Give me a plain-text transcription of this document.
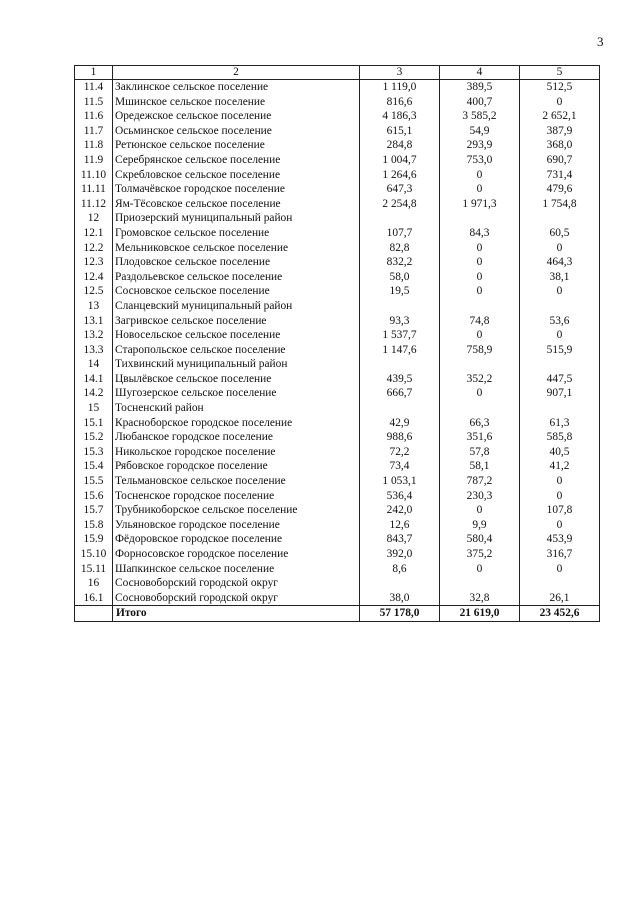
3
1	2	3	4	5
11.4	Заклинское сельское поселение	1 119,0	389,5	512,5
11.5	Мшинское сельское поселение	816,6	400,7	0
11.6	Оредежское сельское поселение	4 186,3	3 585,2	2 652,1
11.7	Осьминское сельское поселение	615,1	54,9	387,9
11.8	Ретюнское сельское поселение	284,8	293,9	368,0
11.9	Серебрянское сельское поселение	1 004,7	753,0	690,7
11.10	Скребловское сельское поселение	1 264,6	0	731,4
11.11	Толмачёвское городское поселение	647,3	0	479,6
11.12	Ям-Тёсовское сельское поселение	2 254,8	1 971,3	1 754,8
12	Приозерский муниципальный район			
12.1	Громовское сельское поселение	107,7	84,3	60,5
12.2	Мельниковское сельское поселение	82,8	0	0
12.3	Плодовское сельское поселение	832,2	0	464,3
12.4	Раздольевское сельское поселение	58,0	0	38,1
12.5	Сосновское сельское поселение	19,5	0	0
13	Сланцевский муниципальный район			
13.1	Загривское сельское поселение	93,3	74,8	53,6
13.2	Новосельское сельское поселение	1 537,7	0	0
13.3	Старопольское сельское поселение	1 147,6	758,9	515,9
14	Тихвинский муниципальный район			
14.1	Цвылёвское сельское поселение	439,5	352,2	447,5
14.2	Шугозерское сельское поселение	666,7	0	907,1
15	Тосненский район			
15.1	Красноборское городское поселение	42,9	66,3	61,3
15.2	Любанское городское поселение	988,6	351,6	585,8
15.3	Никольское городское поселение	72,2	57,8	40,5
15.4	Рябовское городское поселение	73,4	58,1	41,2
15.5	Тельмановское сельское поселение	1 053,1	787,2	0
15.6	Тосненское городское поселение	536,4	230,3	0
15.7	Трубникоборское сельское поселение	242,0	0	107,8
15.8	Ульяновское городское поселение	12,6	9,9	0
15.9	Фёдоровское городское поселение	843,7	580,4	453,9
15.10	Форносовское городское поселение	392,0	375,2	316,7
15.11	Шапкинское сельское поселение	8,6	0	0
16	Сосновоборский городской округ			
16.1	Сосновоборский городской округ	38,0	32,8	26,1
	Итого	57 178,0	21 619,0	23 452,6
